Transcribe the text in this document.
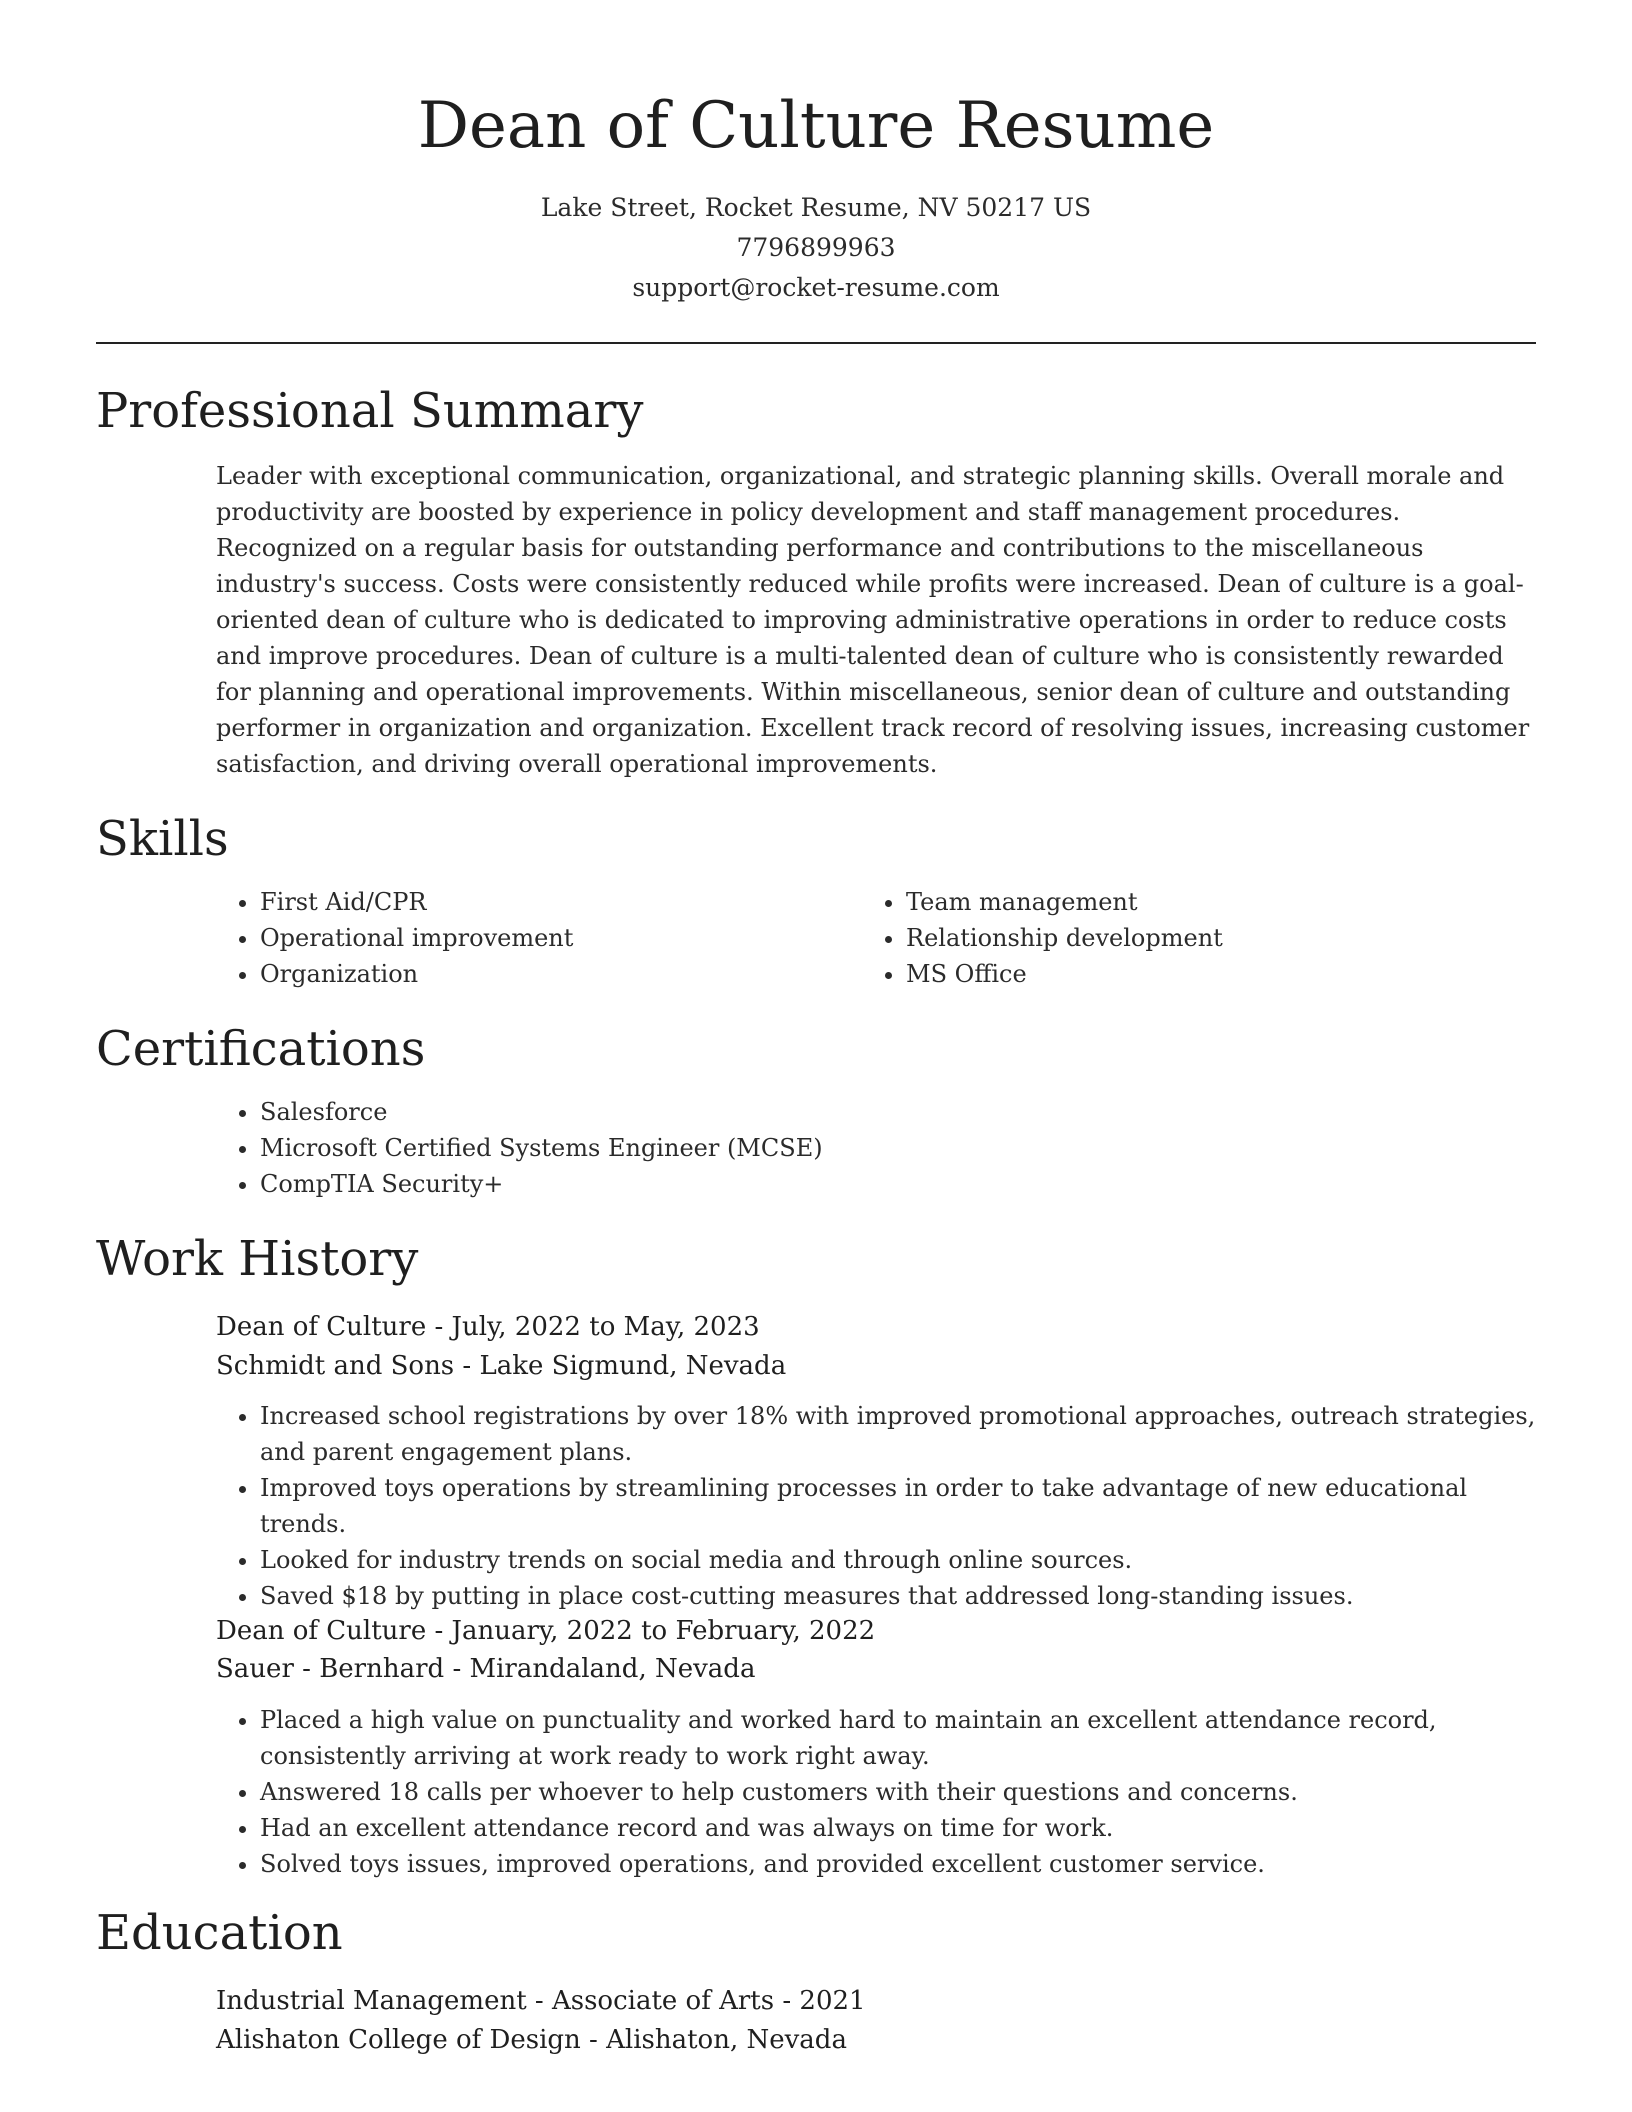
Dean of Culture Resume
Lake Street, Rocket Resume, NV 50217 US
7796899963
support@rocket-resume.com
Professional Summary
Leader with exceptional communication, organizational, and strategic planning skills. Overall morale and productivity are boosted by experience in policy development and staff management procedures. Recognized on a regular basis for outstanding performance and contributions to the miscellaneous industry's success. Costs were consistently reduced while profits were increased. Dean of culture is a goal-oriented dean of culture who is dedicated to improving administrative operations in order to reduce costs and improve procedures. Dean of culture is a multi-talented dean of culture who is consistently rewarded for planning and operational improvements. Within miscellaneous, senior dean of culture and outstanding performer in organization and organization. Excellent track record of resolving issues, increasing customer satisfaction, and driving overall operational improvements.
Skills
• First Aid/CPR
• Operational improvement
• Organization
• Team management
• Relationship development
• MS Office
Certifications
• Salesforce
• Microsoft Certified Systems Engineer (MCSE)
• CompTIA Security+
Work History
Dean of Culture - July, 2022 to May, 2023
Schmidt and Sons - Lake Sigmund, Nevada
• Increased school registrations by over 18% with improved promotional approaches, outreach strategies, and parent engagement plans.
• Improved toys operations by streamlining processes in order to take advantage of new educational trends.
• Looked for industry trends on social media and through online sources.
• Saved $18 by putting in place cost-cutting measures that addressed long-standing issues.
Dean of Culture - January, 2022 to February, 2022
Sauer - Bernhard - Mirandaland, Nevada
• Placed a high value on punctuality and worked hard to maintain an excellent attendance record, consistently arriving at work ready to work right away.
• Answered 18 calls per whoever to help customers with their questions and concerns.
• Had an excellent attendance record and was always on time for work.
• Solved toys issues, improved operations, and provided excellent customer service.
Education
Industrial Management - Associate of Arts - 2021
Alishaton College of Design - Alishaton, Nevada
